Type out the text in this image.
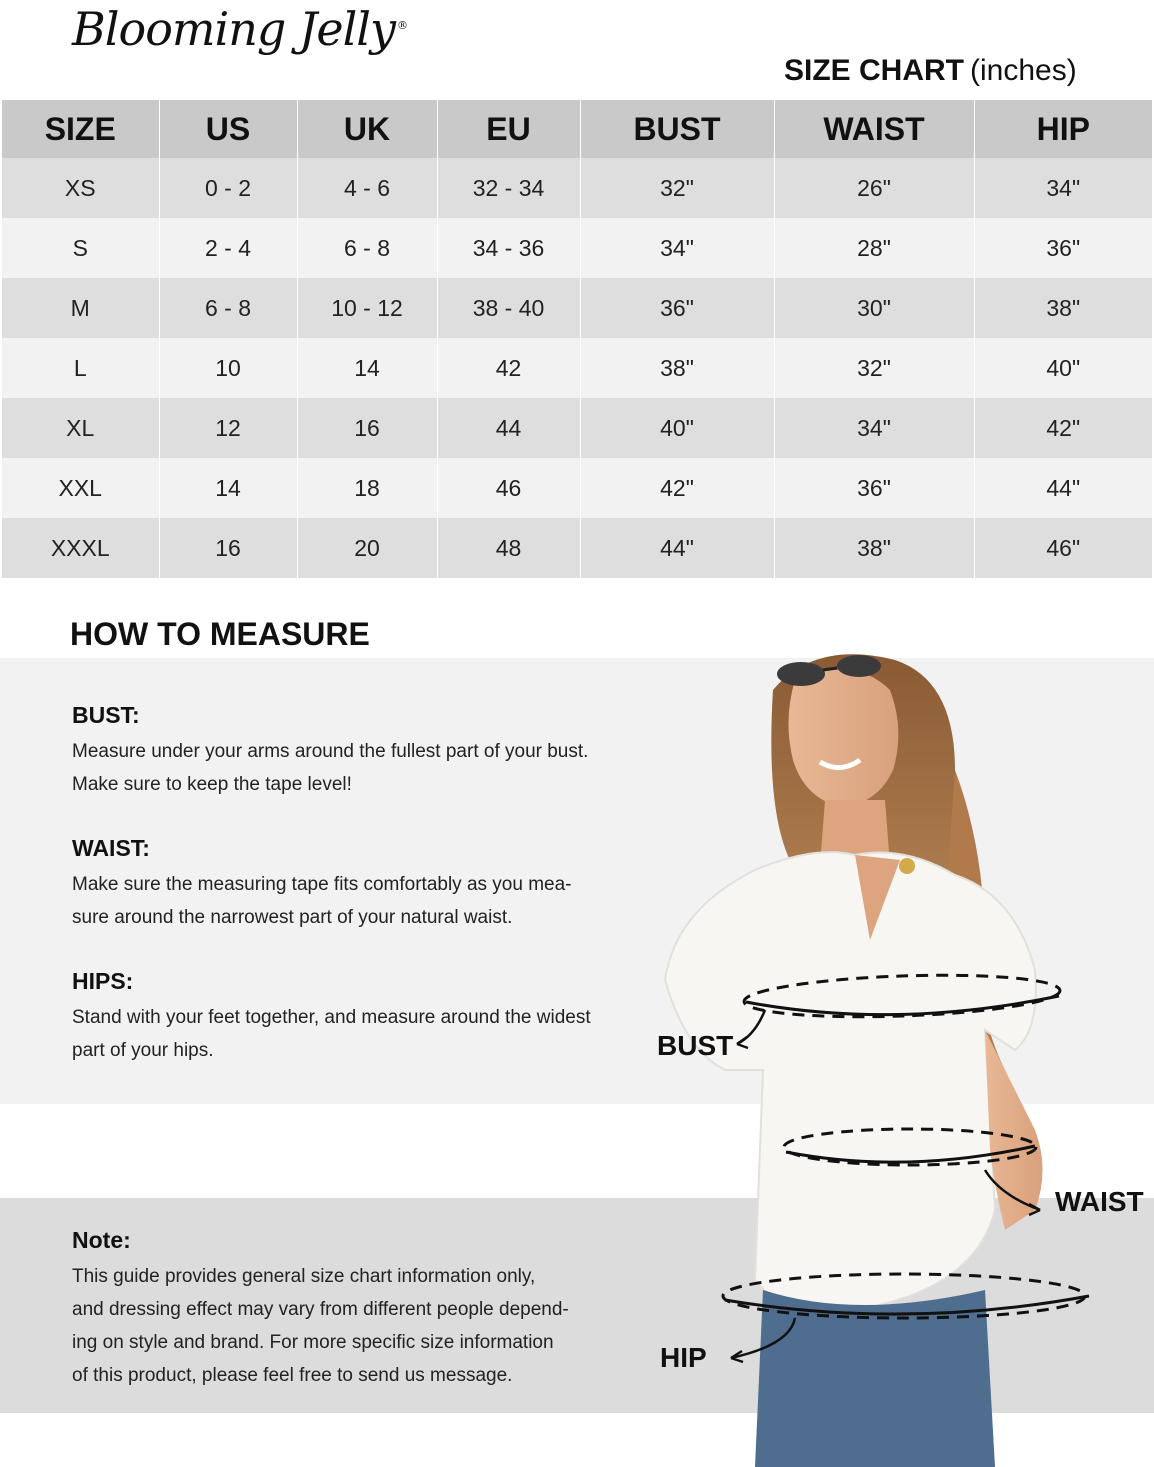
Blooming Jelly ®
SIZE CHART (inches)
SIZE	US	UK	EU	BUST	WAIST	HIP
XS	0 - 2	4 - 6	32 - 34	32"	26"	34"
S	2 - 4	6 - 8	34 - 36	34"	28"	36"
M	6 - 8	10 - 12	38 - 40	36"	30"	38"
L	10	14	42	38"	32"	40"
XL	12	16	44	40"	34"	42"
XXL	14	18	46	42"	36"	44"
XXXL	16	20	48	44"	38"	46"
HOW TO MEASURE
BUST:
Measure under your arms around the fullest part of your bust.
Make sure to keep the tape level!
WAIST:
Make sure the measuring tape fits comfortably as you mea-
sure around the narrowest part of your natural waist.
HIPS:
Stand with your feet together, and measure around the widest
part of your hips.
Note:
This guide provides general size chart information only,
and dressing effect may vary from different people depend-
ing on style and brand. For more specific size information
of this product, please feel free to send us message.
BUST
WAIST
HIP
